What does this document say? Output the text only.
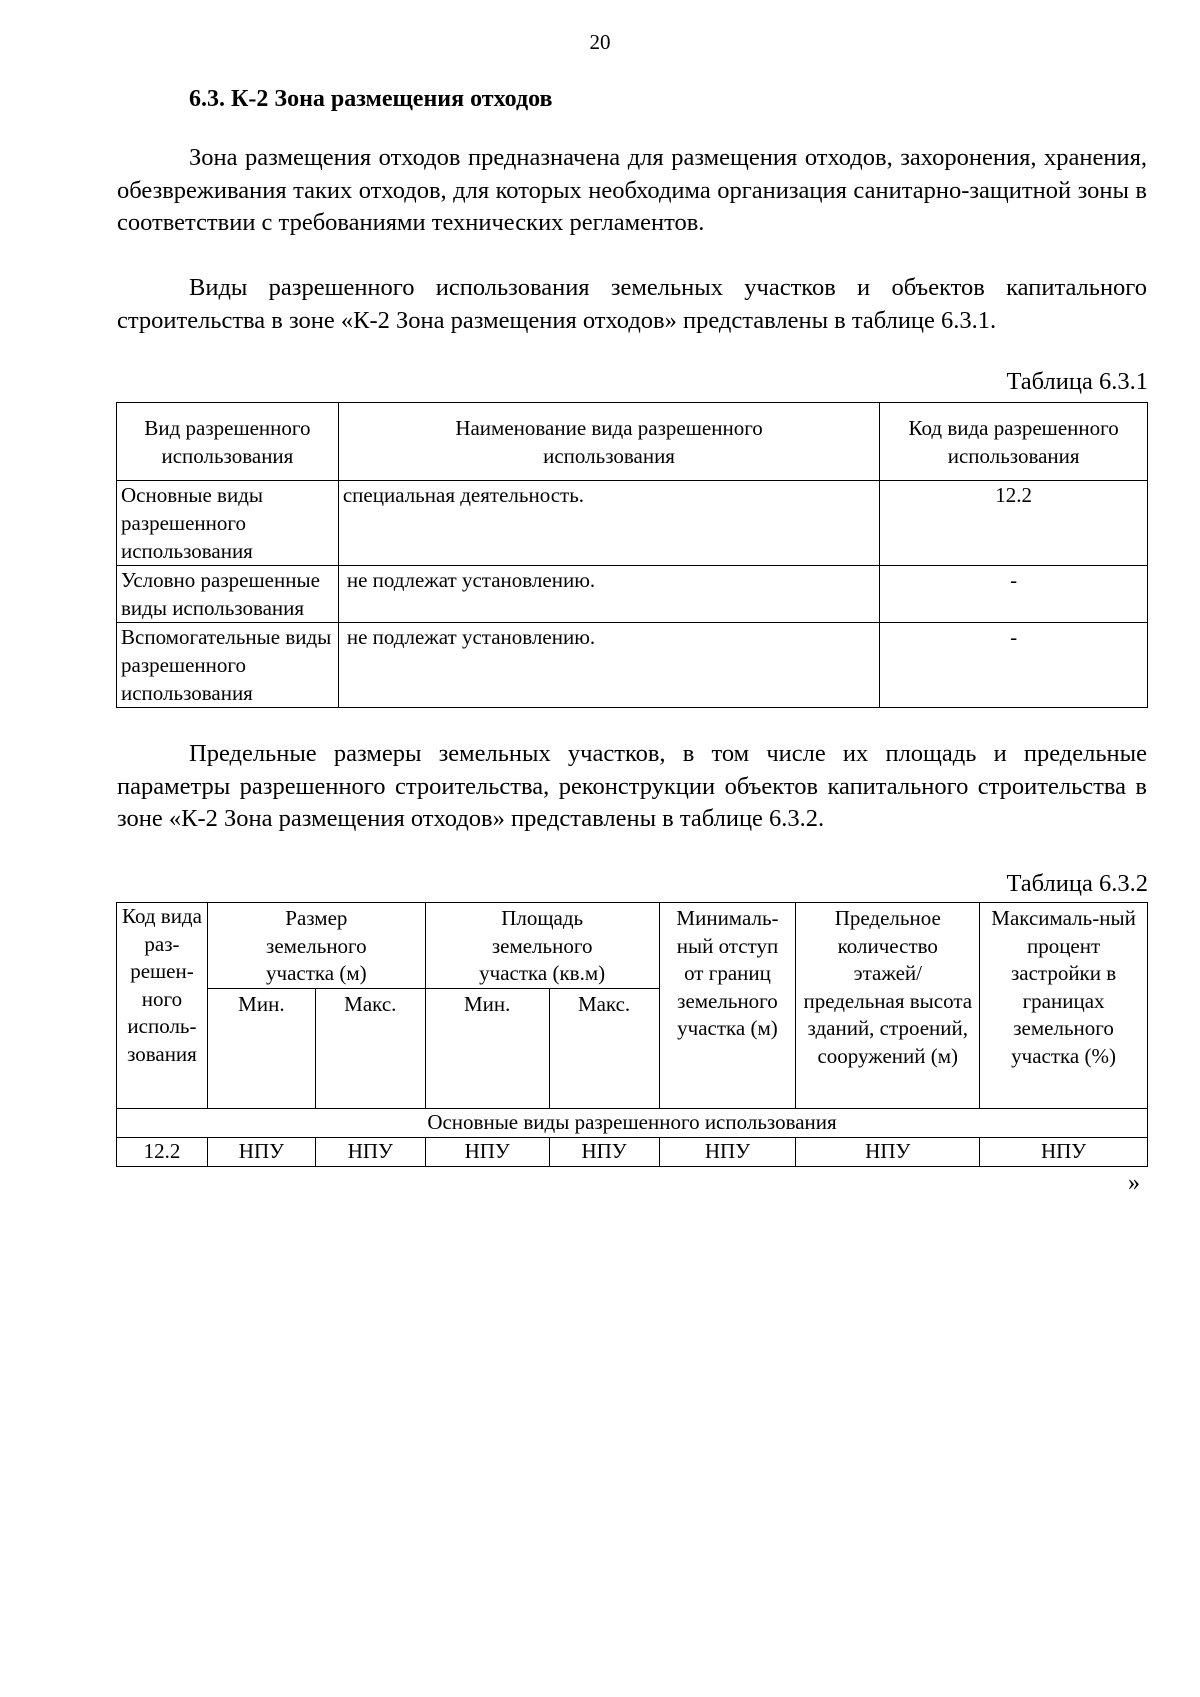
20
6.3. К-2 Зона размещения отходов

Зона размещения отходов предназначена для размещения отходов, захоронения, хранения, обезвреживания таких отходов, для которых необходима организация санитарно-защитной зоны в соответствии с требованиями технических регламентов.

Виды разрешенного использования земельных участков и объектов капитального строительства в зоне «К-2 Зона размещения отходов» представлены в таблице 6.3.1.

Таблица 6.3.1
Вид разрешенного использования	Наименование вида разрешенного использования	Код вида разрешенного использования
Основные виды разрешенного использования	специальная деятельность.	12.2
Условно разрешенные виды использования	не подлежат установлению.	-
Вспомогательные виды разрешенного использования	не подлежат установлению.	-

Предельные размеры земельных участков, в том числе их площадь и предельные параметры разрешенного строительства, реконструкции объектов капитального строительства в зоне «К-2 Зона размещения отходов» представлены в таблице 6.3.2.

Таблица 6.3.2
Код вида раз-решен-ного исполь-зования	Размер земельного участка (м)		Площадь земельного участка (кв.м)		Минималь-ный отступ от границ земельного участка (м)	Предельное количество этажей/ предельная высота зданий, строений, сооружений (м)	Максималь-ный процент застройки в границах земельного участка (%)
	Мин.	Макс.	Мин.	Макс.			
Основные виды разрешенного использования							
12.2	НПУ	НПУ	НПУ	НПУ	НПУ	НПУ	НПУ
»
